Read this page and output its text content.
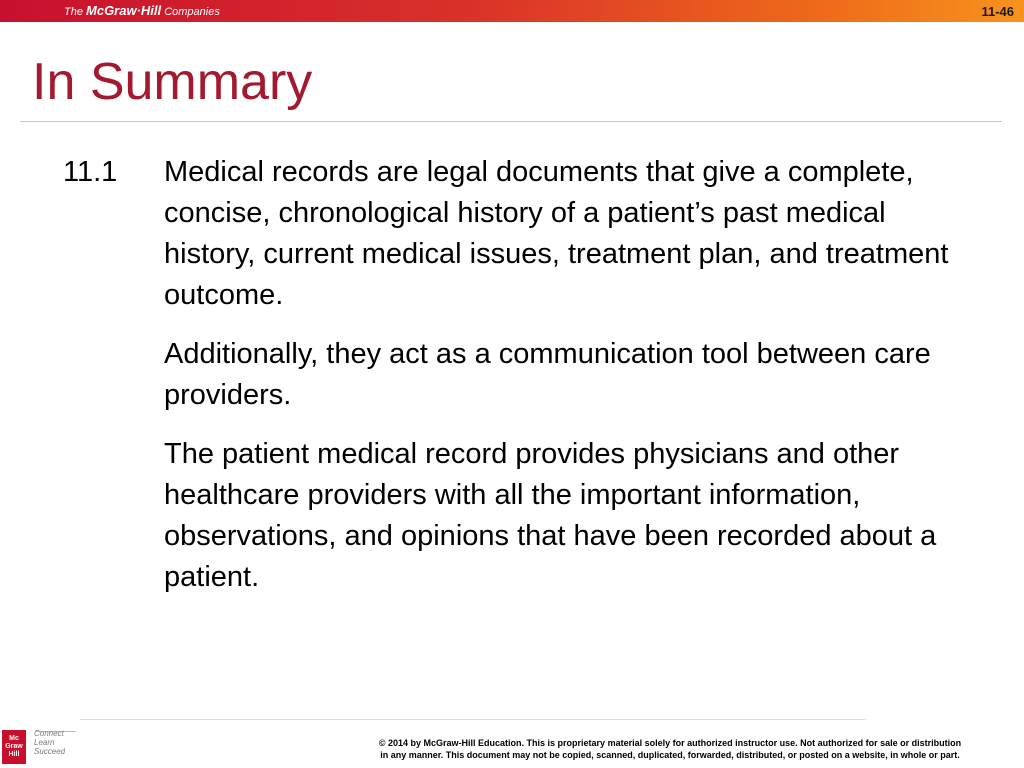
The McGraw·Hill Companies	11-46
In Summary
11.1 Medical records are legal documents that give a complete, concise, chronological history of a patient’s past medical history, current medical issues, treatment plan, and treatment outcome.

Additionally, they act as a communication tool between care providers.

The patient medical record provides physicians and other healthcare providers with all the important information, observations, and opinions that have been recorded about a patient.

Mc
Graw
Hill
Connect
Learn
Succeed
© 2014 by McGraw-Hill Education. This is proprietary material solely for authorized instructor use. Not authorized for sale or distribution
in any manner. This document may not be copied, scanned, duplicated, forwarded, distributed, or posted on a website, in whole or part.
